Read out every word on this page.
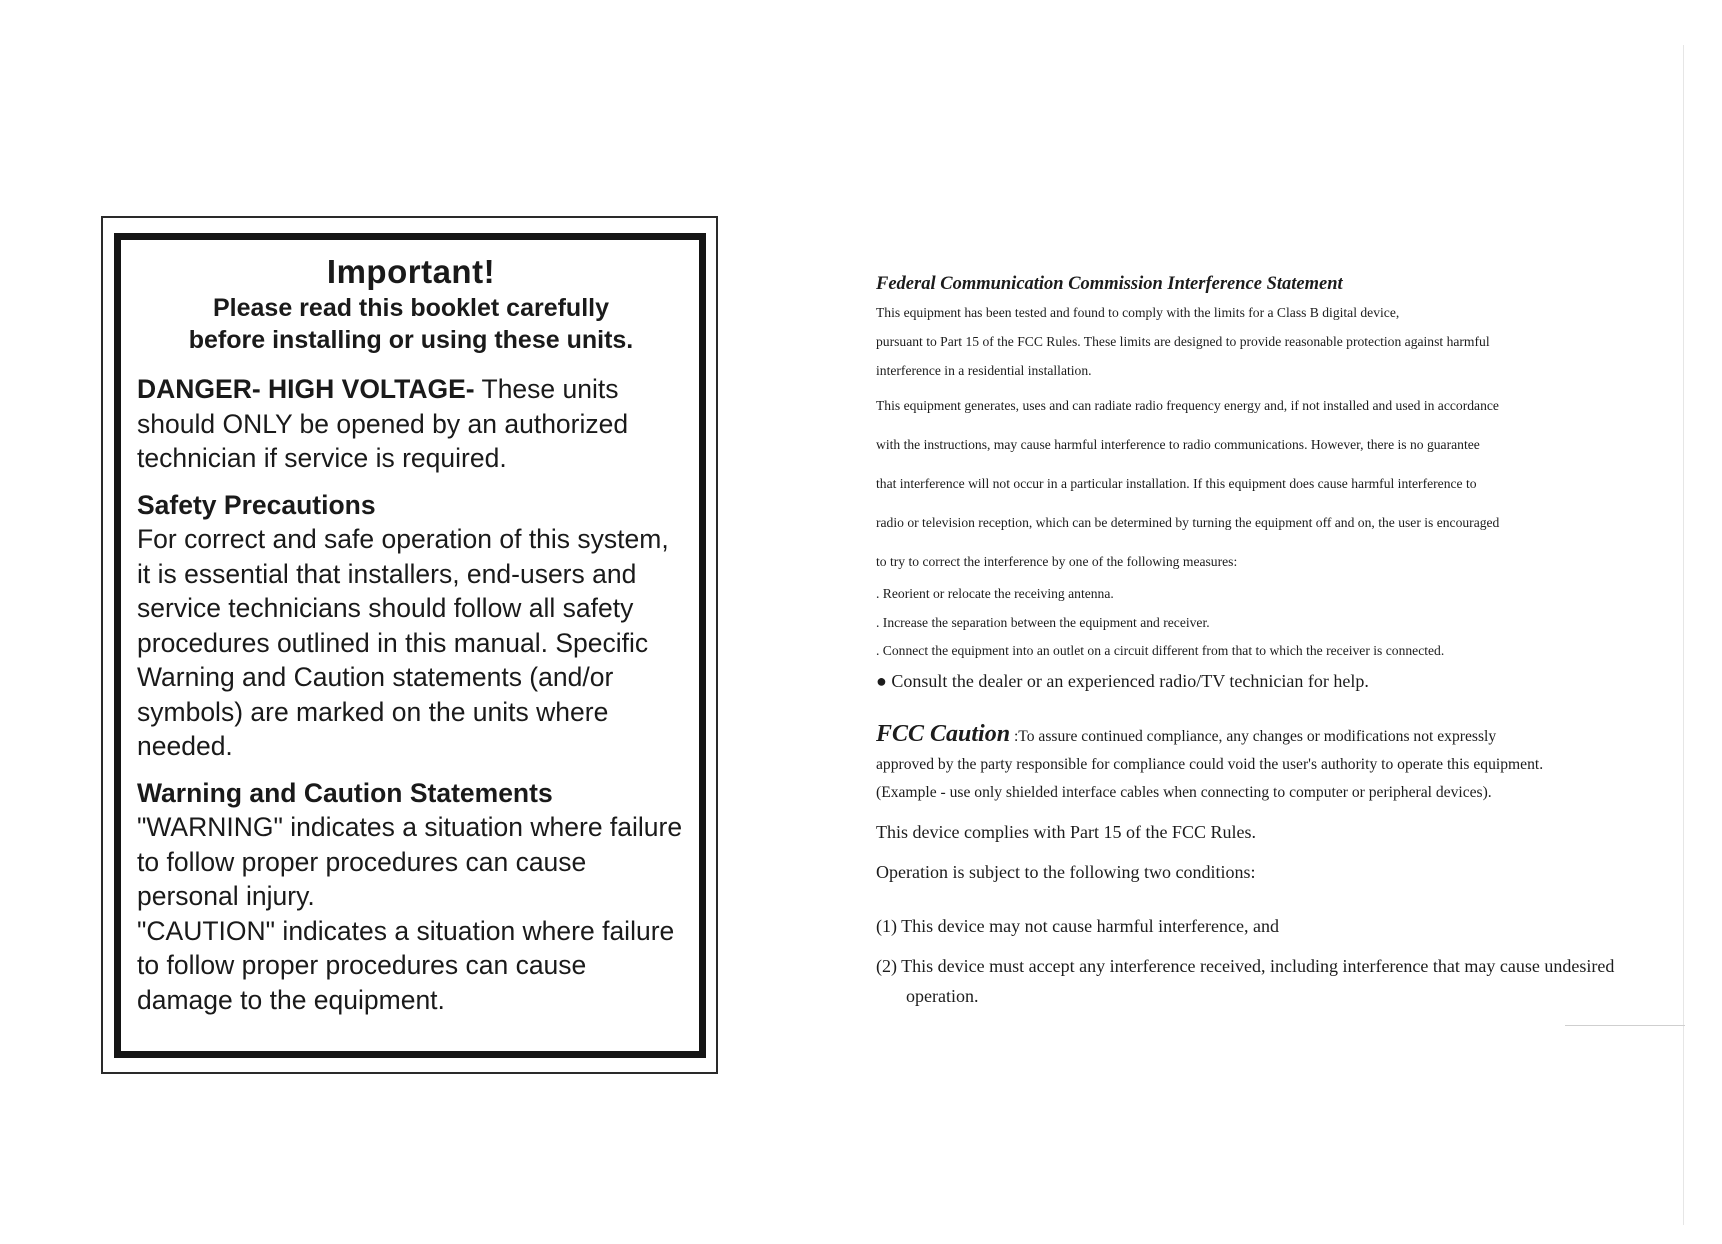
Important!

Please read this booklet carefully

before installing or using these units.

DANGER- HIGH VOLTAGE- These units should ONLY be opened by an authorized technician if service is required.

Safety Precautions

For correct and safe operation of this system, it is essential that installers, end-users and service technicians should follow all safety procedures outlined in this manual. Specific Warning and Caution statements (and/or symbols) are marked on the units where needed.

Warning and Caution Statements

"WARNING" indicates a situation where failure to follow proper procedures can cause personal injury.

"CAUTION" indicates a situation where failure to follow proper procedures can cause damage to the equipment.

Federal Communication Commission Interference Statement

This equipment has been tested and found to comply with the limits for a Class B digital device,

pursuant to Part 15 of the FCC Rules. These limits are designed to provide reasonable protection against harmful

interference in a residential installation.

This equipment generates, uses and can radiate radio frequency energy and, if not installed and used in accordance

with the instructions, may cause harmful interference to radio communications. However, there is no guarantee

that interference will not occur in a particular installation. If this equipment does cause harmful interference to

radio or television reception, which can be determined by turning the equipment off and on, the user is encouraged

to try to correct the interference by one of the following measures:

. Reorient or relocate the receiving antenna.

. Increase the separation between the equipment and receiver.

. Connect the equipment into an outlet on a circuit different from that to which the receiver is connected.

● Consult the dealer or an experienced radio/TV technician for help.

FCC Caution :To assure continued compliance, any changes or modifications not expressly

approved by the party responsible for compliance could void the user's authority to operate this equipment.

(Example - use only shielded interface cables when connecting to computer or peripheral devices).

This device complies with Part 15 of the FCC Rules.

Operation is subject to the following two conditions:

(1) This device may not cause harmful interference, and

(2) This device must accept any interference received, including interference that may cause undesired operation.
